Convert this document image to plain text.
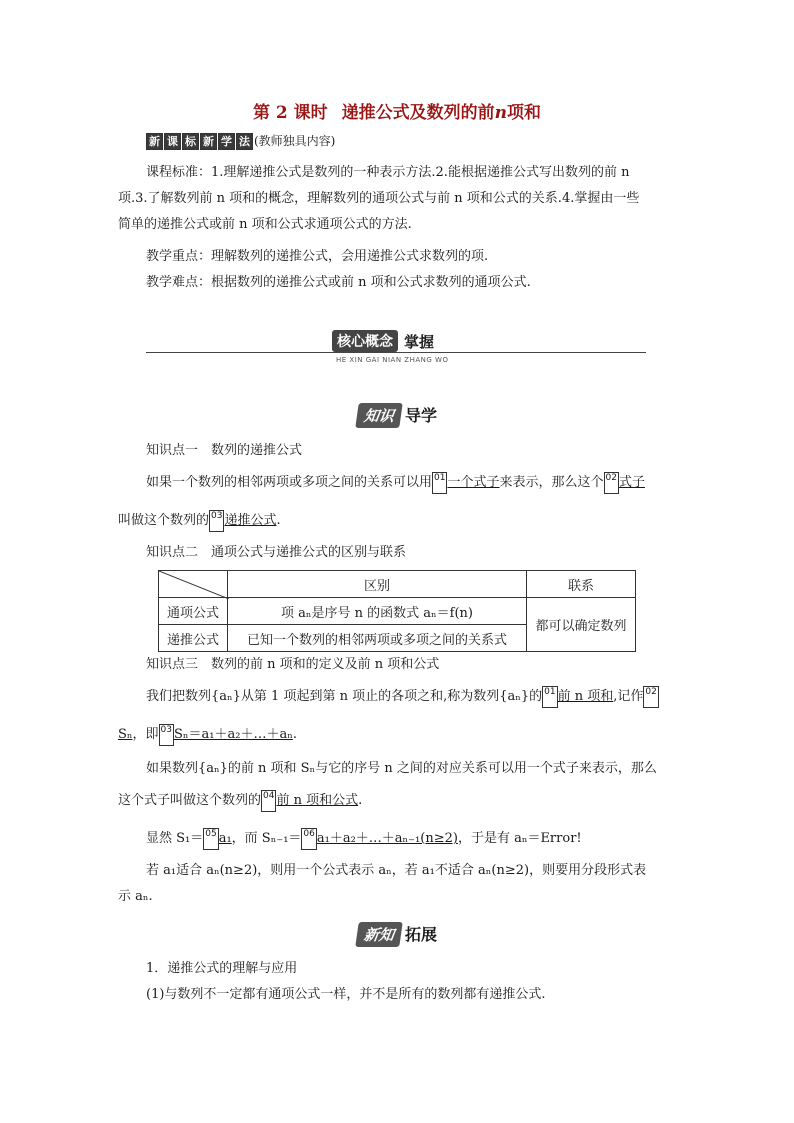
第 2 课时 递推公式及数列的前n项和
新 课 标 新 学 法 (教师独具内容)
课程标准：1.理解递推公式是数列的一种表示方法.2.能根据递推公式写出数列的前 n
项.3.了解数列前 n 项和的概念，理解数列的通项公式与前 n 项和公式的关系.4.掌握由一些
简单的递推公式或前 n 项和公式求通项公式的方法.
教学重点：理解数列的递推公式，会用递推公式求数列的项.
教学难点：根据数列的递推公式或前 n 项和公式求数列的通项公式.
核心概念 掌握
HE XIN GAI NIAN ZHANG WO
知识 导学
知识点一　数列的递推公式
如果一个数列的相邻两项或多项之间的关系可以用 01 一个式子来表示，那么这个 02 式子
叫做这个数列的 03 递推公式.
知识点二　通项公式与递推公式的区别与联系
	区别	联系
通项公式	项 aₙ是序号 n 的函数式 aₙ＝f(n)	都可以确定数列
递推公式	已知一个数列的相邻两项或多项之间的关系式	
知识点三　数列的前 n 项和的定义及前 n 项和公式
我们把数列{aₙ}从第 1 项起到第 n 项止的各项之和,称为数列{aₙ}的 01 前 n 项和,记作 02
Sₙ，即 03 Sₙ＝a₁＋a₂＋…＋aₙ.
如果数列{aₙ}的前 n 项和 Sₙ与它的序号 n 之间的对应关系可以用一个式子来表示，那么
这个式子叫做这个数列的 04 前 n 项和公式.
显然 S₁＝ 05 a₁，而 Sₙ₋₁＝ 06 a₁＋a₂＋…＋aₙ₋₁(n≥2)，于是有 aₙ＝Error!
若 a₁适合 aₙ(n≥2)，则用一个公式表示 aₙ，若 a₁不适合 aₙ(n≥2)，则要用分段形式表
示 aₙ.
新知 拓展
1．递推公式的理解与应用
(1)与数列不一定都有通项公式一样，并不是所有的数列都有递推公式.
